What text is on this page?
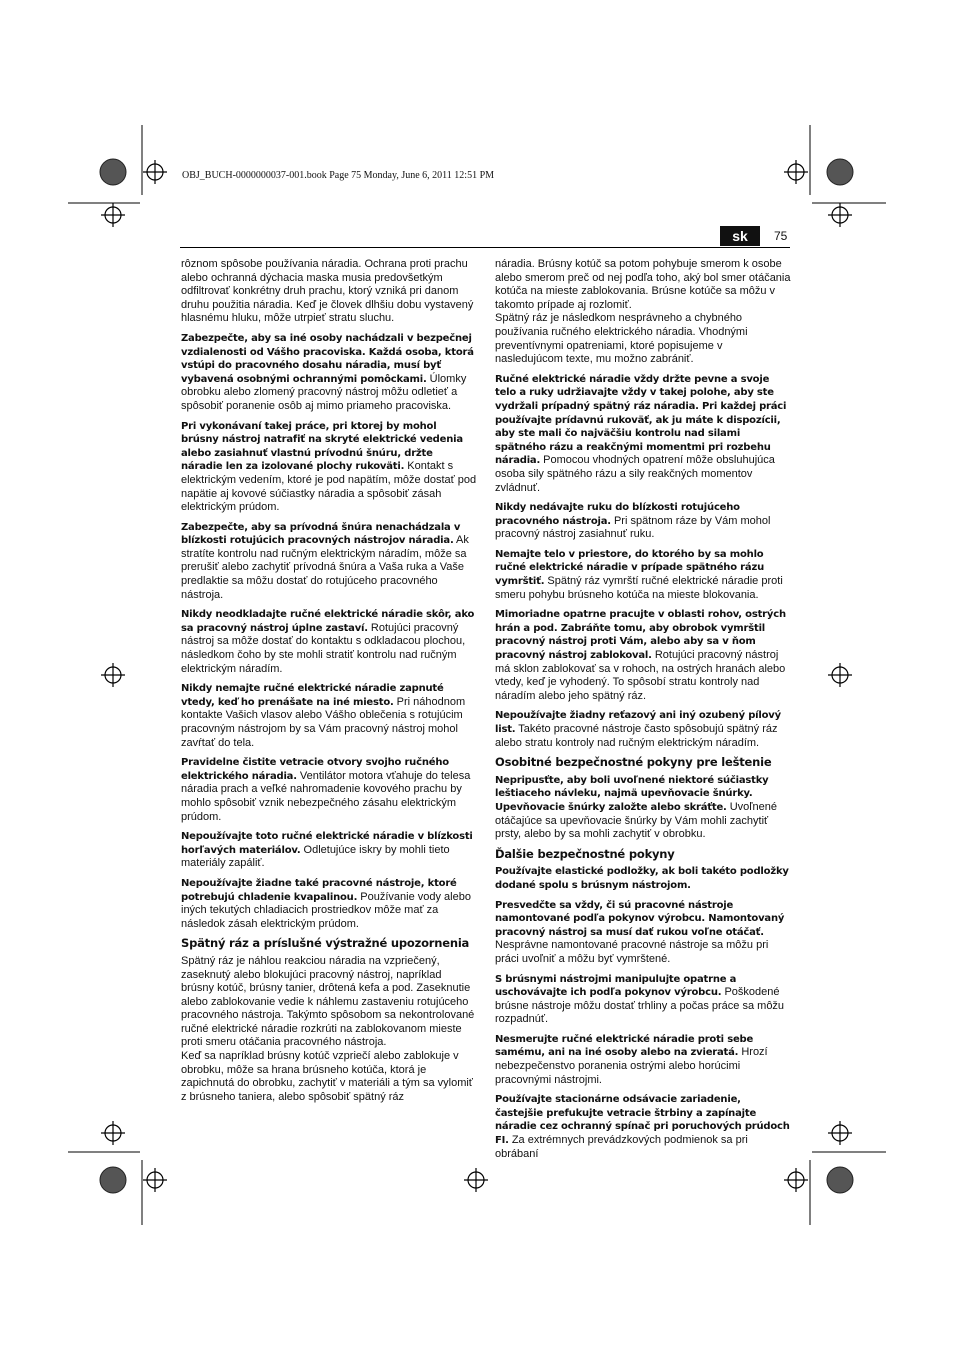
OBJ_BUCH-0000000037-001.book Page 75 Monday, June 6, 2011 12:51 PM
sk	75

rôznom spôsobe používania náradia. Ochrana proti prachu alebo ochranná dýchacia maska musia predovšetkým odfiltrovať konkrétny druh prachu, ktorý vzniká pri danom druhu použitia náradia. Keď je človek dlhšiu dobu vystavený hlasnému hluku, môže utrpieť stratu sluchu.

Zabezpečte, aby sa iné osoby nachádzali v bezpečnej vzdialenosti od Vášho pracoviska. Každá osoba, ktorá vstúpi do pracovného dosahu náradia, musí byť vybavená osobnými ochrannými pomôckami. Úlomky obrobku alebo zlomený pracovný nástroj môžu odletieť a spôsobiť poranenie osôb aj mimo priameho pracoviska.

Pri vykonávaní takej práce, pri ktorej by mohol brúsny nástroj natrafiť na skryté elektrické vedenia alebo zasiahnuť vlastnú prívodnú šnúru, držte náradie len za izolované plochy rukoväti. Kontakt s elektrickým vedením, ktoré je pod napätím, môže dostať pod napätie aj kovové súčiastky náradia a spôsobiť zásah elektrickým prúdom.

Zabezpečte, aby sa prívodná šnúra nenachádzala v blízkosti rotujúcich pracovných nástrojov náradia. Ak stratíte kontrolu nad ručným elektrickým náradím, môže sa prerušiť alebo zachytiť prívodná šnúra a Vaša ruka a Vaše predlaktie sa môžu dostať do rotujúceho pracovného nástroja.

Nikdy neodkladajte ručné elektrické náradie skôr, ako sa pracovný nástroj úplne zastaví. Rotujúci pracovný nástroj sa môže dostať do kontaktu s odkladacou plochou, následkom čoho by ste mohli stratiť kontrolu nad ručným elektrickým náradím.

Nikdy nemajte ručné elektrické náradie zapnuté vtedy, keď ho prenášate na iné miesto. Pri náhodnom kontakte Vašich vlasov alebo Vášho oblečenia s rotujúcim pracovným nástrojom by sa Vám pracovný nástroj mohol zavŕtať do tela.

Pravidelne čistite vetracie otvory svojho ručného elektrického náradia. Ventilátor motora vťahuje do telesa náradia prach a veľké nahromadenie kovového prachu by mohlo spôsobiť vznik nebezpečného zásahu elektrickým prúdom.

Nepoužívajte toto ručné elektrické náradie v blízkosti horľavých materiálov. Odletujúce iskry by mohli tieto materiály zapáliť.

Nepoužívajte žiadne také pracovné nástroje, ktoré potrebujú chladenie kvapalinou. Používanie vody alebo iných tekutých chladiacich prostriedkov môže mať za následok zásah elektrickým prúdom.

Spätný ráz a príslušné výstražné upozornenia

Spätný ráz je náhlou reakciou náradia na vzpriečený, zaseknutý alebo blokujúci pracovný nástroj, napríklad brúsny kotúč, brúsny tanier, drôtená kefa a pod. Zaseknutie alebo zablokovanie vedie k náhlemu zastaveniu rotujúceho pracovného nástroja. Takýmto spôsobom sa nekontrolované ručné elektrické náradie rozkrúti na zablokovanom mieste proti smeru otáčania pracovného nástroja.

Keď sa napríklad brúsny kotúč vzpriečí alebo zablokuje v obrobku, môže sa hrana brúsneho kotúča, ktorá je zapichnutá do obrobku, zachytiť v materiáli a tým sa vylomiť z brúsneho taniera, alebo spôsobiť spätný ráz

náradia. Brúsny kotúč sa potom pohybuje smerom k osobe alebo smerom preč od nej podľa toho, aký bol smer otáčania kotúča na mieste zablokovania. Brúsne kotúče sa môžu v takomto prípade aj rozlomiť.

Spätný ráz je následkom nesprávneho a chybného používania ručného elektrického náradia. Vhodnými preventívnymi opatreniami, ktoré popisujeme v nasledujúcom texte, mu možno zabrániť.

Ručné elektrické náradie vždy držte pevne a svoje telo a ruky udržiavajte vždy v takej polohe, aby ste vydržali prípadný spätný ráz náradia. Pri každej práci používajte prídavnú rukoväť, ak ju máte k dispozícii, aby ste mali čo najväčšiu kontrolu nad silami spätného rázu a reakčnými momentmi pri rozbehu náradia. Pomocou vhodných opatrení môže obsluhujúca osoba sily spätného rázu a sily reakčných momentov zvládnuť.

Nikdy nedávajte ruku do blízkosti rotujúceho pracovného nástroja. Pri spätnom ráze by Vám mohol pracovný nástroj zasiahnuť ruku.

Nemajte telo v priestore, do ktorého by sa mohlo ručné elektrické náradie v prípade spätného rázu vymrštiť. Spätný ráz vymrští ručné elektrické náradie proti smeru pohybu brúsneho kotúča na mieste blokovania.

Mimoriadne opatrne pracujte v oblasti rohov, ostrých hrán a pod. Zabráňte tomu, aby obrobok vymrštil pracovný nástroj proti Vám, alebo aby sa v ňom pracovný nástroj zablokoval. Rotujúci pracovný nástroj má sklon zablokovať sa v rohoch, na ostrých hranách alebo vtedy, keď je vyhodený. To spôsobí stratu kontroly nad náradím alebo jeho spätný ráz.

Nepoužívajte žiadny reťazový ani iný ozubený pílový list. Takéto pracovné nástroje často spôsobujú spätný ráz alebo stratu kontroly nad ručným elektrickým náradím.

Osobitné bezpečnostné pokyny pre leštenie

Nepripusťte, aby boli uvoľnené niektoré súčiastky leštiaceho návleku, najmä upevňovacie šnúrky. Upevňovacie šnúrky založte alebo skráťte. Uvoľnené otáčajúce sa upevňovacie šnúrky by Vám mohli zachytiť prsty, alebo by sa mohli zachytiť v obrobku.

Ďalšie bezpečnostné pokyny

Používajte elastické podložky, ak boli takéto podložky dodané spolu s brúsnym nástrojom.

Presvedčte sa vždy, či sú pracovné nástroje namontované podľa pokynov výrobcu. Namontovaný pracovný nástroj sa musí dať rukou voľne otáčať. Nesprávne namontované pracovné nástroje sa môžu pri práci uvoľniť a môžu byť vymrštené.

S brúsnymi nástrojmi manipulujte opatrne a uschovávajte ich podľa pokynov výrobcu. Poškodené brúsne nástroje môžu dostať trhliny a počas práce sa môžu rozpadnúť.

Nesmerujte ručné elektrické náradie proti sebe samému, ani na iné osoby alebo na zvieratá. Hrozí nebezpečenstvo poranenia ostrými alebo horúcimi pracovnými nástrojmi.

Používajte stacionárne odsávacie zariadenie, častejšie prefukujte vetracie štrbiny a zapínajte náradie cez ochranný spínač pri poruchových prúdoch FI. Za extrémnych prevádzkových podmienok sa pri obrábaní
